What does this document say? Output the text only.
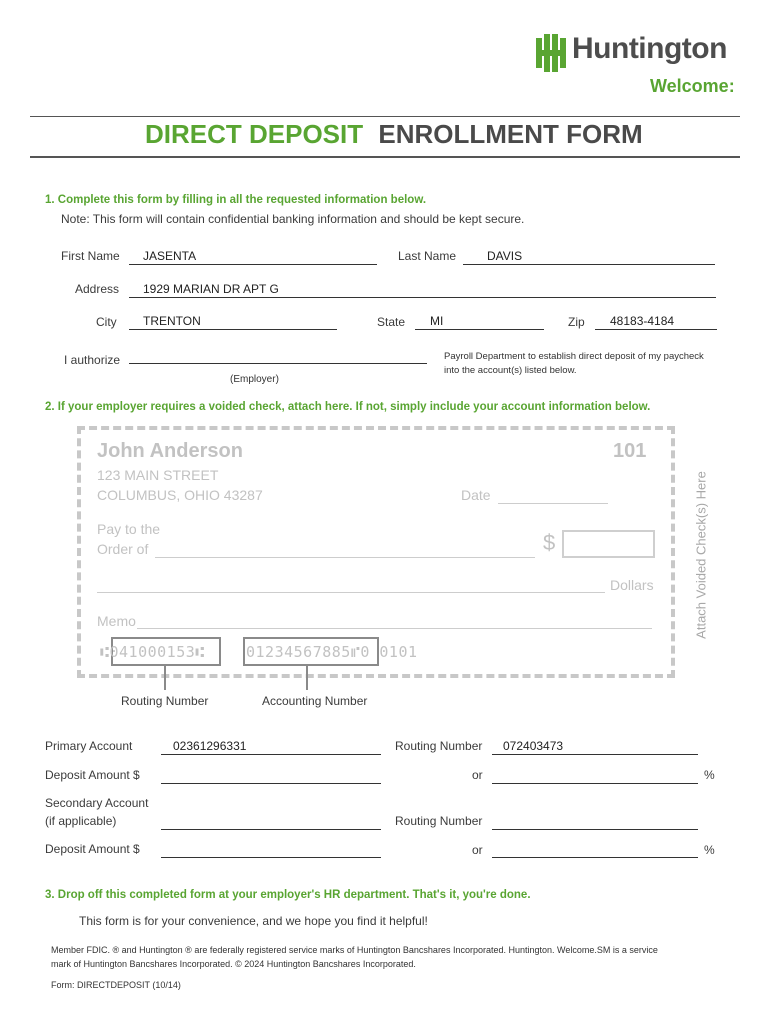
Huntington
Welcome:
DIRECT DEPOSIT ENROLLMENT FORM
1. Complete this form by filling in all the requested information below.
Note: This form will contain confidential banking information and should be kept secure.
First Name JASENTA	Last Name	DAVIS
Address 1929 MARIAN DR APT G
City TRENTON	State MI	Zip 48183-4184
I authorize
(Employer)
Payroll Department to establish direct deposit of my paycheck
into the account(s) listed below.
2. If your employer requires a voided check, attach here. If not, simply include your account information below.
John Anderson	101
123 MAIN STREET
COLUMBUS, OHIO 43287	Date
Pay to the
Order of	$
Dollars
Memo
⑆041000153⑆	01234567885⑈0 0101
Routing Number	Accounting Number
Attach Voided Check(s) Here
Primary Account	02361296331	Routing Number 072403473
Deposit Amount $	or	%
Secondary Account
(if applicable)	Routing Number
Deposit Amount $	or	%
3. Drop off this completed form at your employer's HR department. That's it, you're done.
This form is for your convenience, and we hope you find it helpful!
Member FDIC. ® and Huntington ® are federally registered service marks of Huntington Bancshares Incorporated. Huntington. Welcome.SM is a service
mark of Huntington Bancshares Incorporated. © 2024 Huntington Bancshares Incorporated.
Form: DIRECTDEPOSIT (10/14)
